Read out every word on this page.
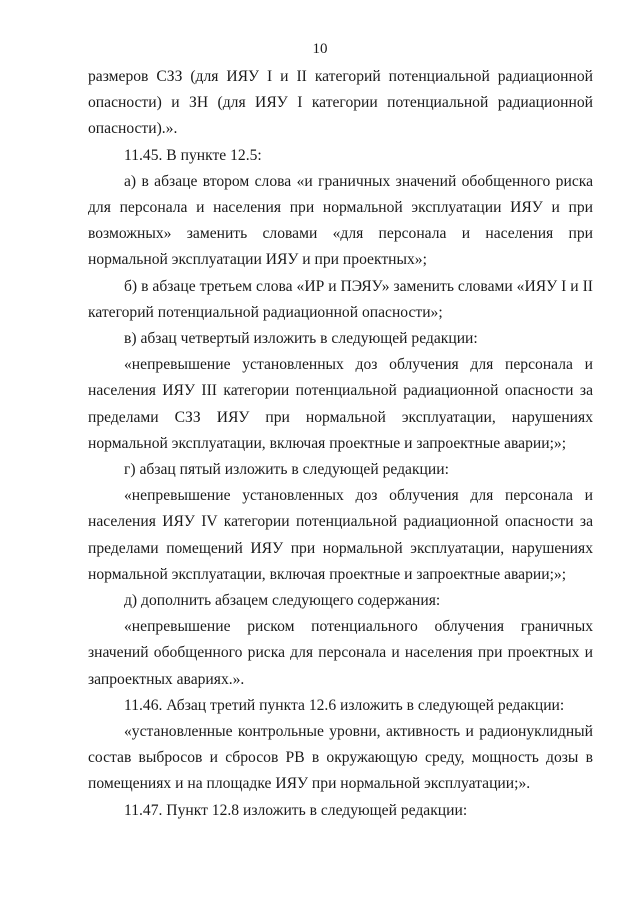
10

размеров СЗЗ (для ИЯУ I и II категорий потенциальной радиационной опасности) и ЗН (для ИЯУ I категории потенциальной радиационной опасности).».

11.45. В пункте 12.5:

а) в абзаце втором слова «и граничных значений обобщенного риска для персонала и населения при нормальной эксплуатации ИЯУ и при возможных» заменить словами «для персонала и населения при нормальной эксплуатации ИЯУ и при проектных»;

б) в абзаце третьем слова «ИР и ПЭЯУ» заменить словами «ИЯУ I и II категорий потенциальной радиационной опасности»;

в) абзац четвертый изложить в следующей редакции:

«непревышение установленных доз облучения для персонала и населения ИЯУ III категории потенциальной радиационной опасности за пределами СЗЗ ИЯУ при нормальной эксплуатации, нарушениях нормальной эксплуатации, включая проектные и запроектные аварии;»;

г) абзац пятый изложить в следующей редакции:

«непревышение установленных доз облучения для персонала и населения ИЯУ IV категории потенциальной радиационной опасности за пределами помещений ИЯУ при нормальной эксплуатации, нарушениях нормальной эксплуатации, включая проектные и запроектные аварии;»;

д) дополнить абзацем следующего содержания:

«непревышение риском потенциального облучения граничных значений обобщенного риска для персонала и населения при проектных и запроектных авариях.».

11.46. Абзац третий пункта 12.6 изложить в следующей редакции:

«установленные контрольные уровни, активность и радионуклидный состав выбросов и сбросов РВ в окружающую среду, мощность дозы в помещениях и на площадке ИЯУ при нормальной эксплуатации;».

11.47. Пункт 12.8 изложить в следующей редакции:
